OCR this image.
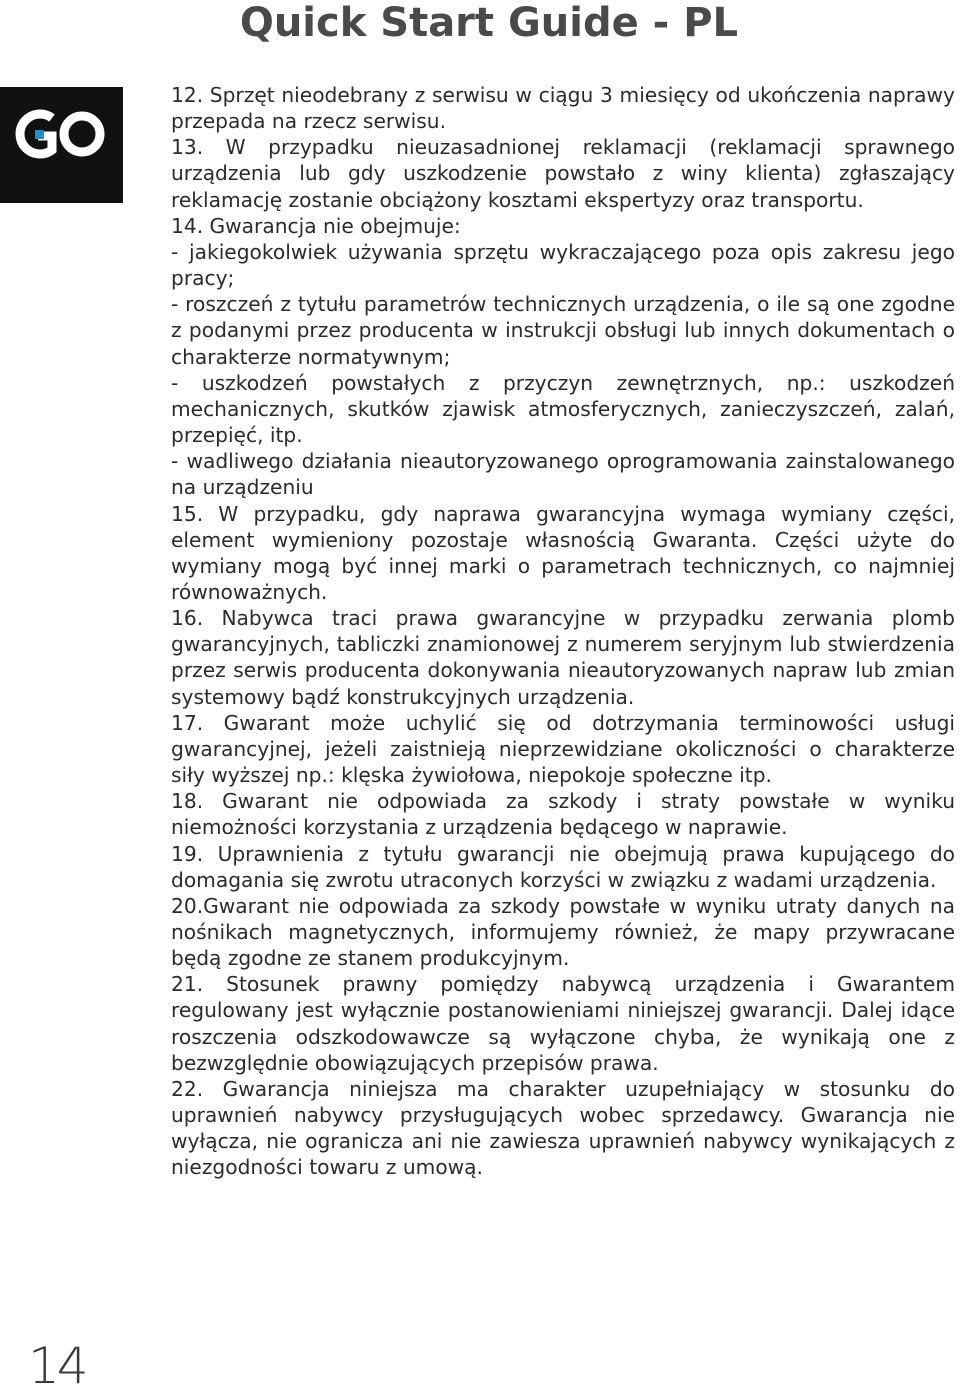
Quick Start Guide - PL

12. Sprzęt nieodebrany z serwisu w ciągu 3 miesięcy od ukończenia naprawy przepada na rzecz serwisu.

13. W przypadku nieuzasadnionej reklamacji (reklamacji sprawnego urządzenia lub gdy uszkodzenie powstało z winy klienta) zgłaszający reklamację zostanie obciążony kosztami ekspertyzy oraz transportu.

14. Gwarancja nie obejmuje:

- jakiegokolwiek używania sprzętu wykraczającego poza opis zakresu jego pracy;

- roszczeń z tytułu parametrów technicznych urządzenia, o ile są one zgodne z podanymi przez producenta w instrukcji obsługi lub innych dokumentach o charakterze normatywnym;

- uszkodzeń powstałych z przyczyn zewnętrznych, np.: uszkodzeń mechanicznych, skutków zjawisk atmosferycznych, zanieczyszczeń, zalań, przepięć, itp.

- wadliwego działania nieautoryzowanego oprogramowania zainstalowanego na urządzeniu

15. W przypadku, gdy naprawa gwarancyjna wymaga wymiany części, element wymieniony pozostaje własnością Gwaranta. Części użyte do wymiany mogą być innej marki o parametrach technicznych, co najmniej równoważnych.

16. Nabywca traci prawa gwarancyjne w przypadku zerwania plomb gwarancyjnych, tabliczki znamionowej z numerem seryjnym lub stwierdzenia przez serwis producenta dokonywania nieautoryzowanych napraw lub zmian systemowy bądź konstrukcyjnych urządzenia.

17. Gwarant może uchylić się od dotrzymania terminowości usługi gwarancyjnej, jeżeli zaistnieją nieprzewidziane okoliczności o charakterze siły wyższej np.: klęska żywiołowa, niepokoje społeczne itp.

18. Gwarant nie odpowiada za szkody i straty powstałe w wyniku niemożności korzystania z urządzenia będącego w naprawie.

19. Uprawnienia z tytułu gwarancji nie obejmują prawa kupującego do domagania się zwrotu utraconych korzyści w związku z wadami urządzenia.

20.Gwarant nie odpowiada za szkody powstałe w wyniku utraty danych na nośnikach magnetycznych, informujemy również, że mapy przywracane będą zgodne ze stanem produkcyjnym.

21. Stosunek prawny pomiędzy nabywcą urządzenia i Gwarantem regulowany jest wyłącznie postanowieniami niniejszej gwarancji. Dalej idące roszczenia odszkodowawcze są wyłączone chyba, że wynikają one z bezwzględnie obowiązujących przepisów prawa.

22. Gwarancja niniejsza ma charakter uzupełniający w stosunku do uprawnień nabywcy przysługujących wobec sprzedawcy. Gwarancja nie wyłącza, nie ogranicza ani nie zawiesza uprawnień nabywcy wynikających z niezgodności towaru z umową.

14
